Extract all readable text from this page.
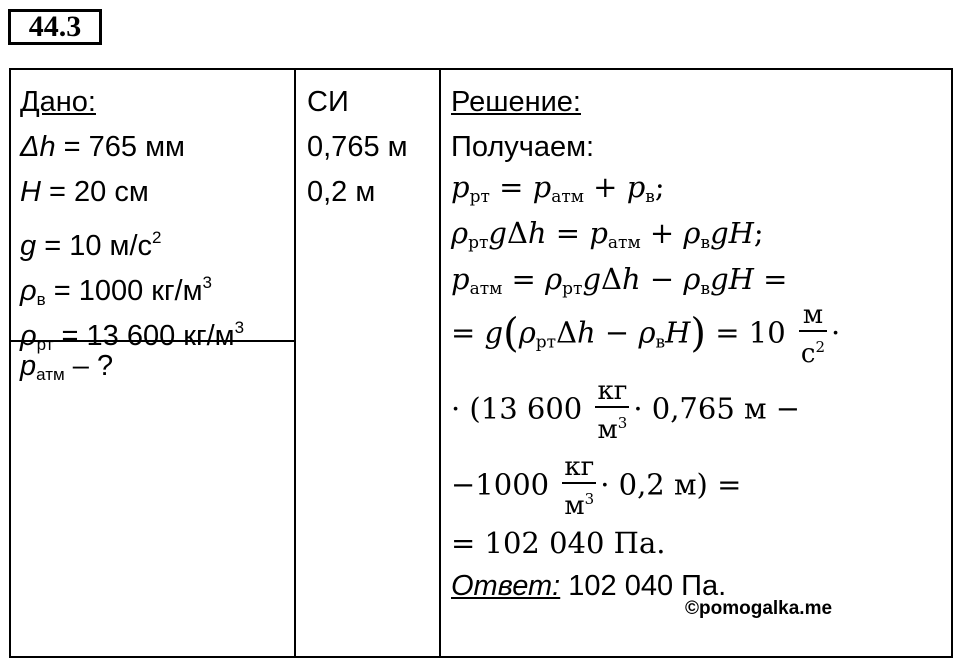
44.3
Дано:
Δh = 765 мм
H = 20 см
g = 10 $м/с^2$
$\rho_в = 1000$ $кг/м^3$
$\rho_{рт} = 13$ 600 $кг/м^3$
$p_{атм}$ – ?
СИ
0,765 м
0,2 м
Решение:
Получаем:
$p_{рт} = p_{атм} + p_в$;
$\rho_{рт}g\Delta h = p_{атм} + \rho_вgH$;
$p_{атм} = \rho_{рт}g\Delta h - \rho_вgH$ =
= $g(\rho_{рт}\Delta h - \rho_вH) = 10 \frac{м}{с^2}$ ·
· (13 $600 \frac{кг}{м^3} \cdot 0,765$ м −
$-1000 \frac{кг}{м^3} \cdot 0,2$ м) =
= 102 040 Па.
Ответ: 102 040 Па.
©pomogalka.me
